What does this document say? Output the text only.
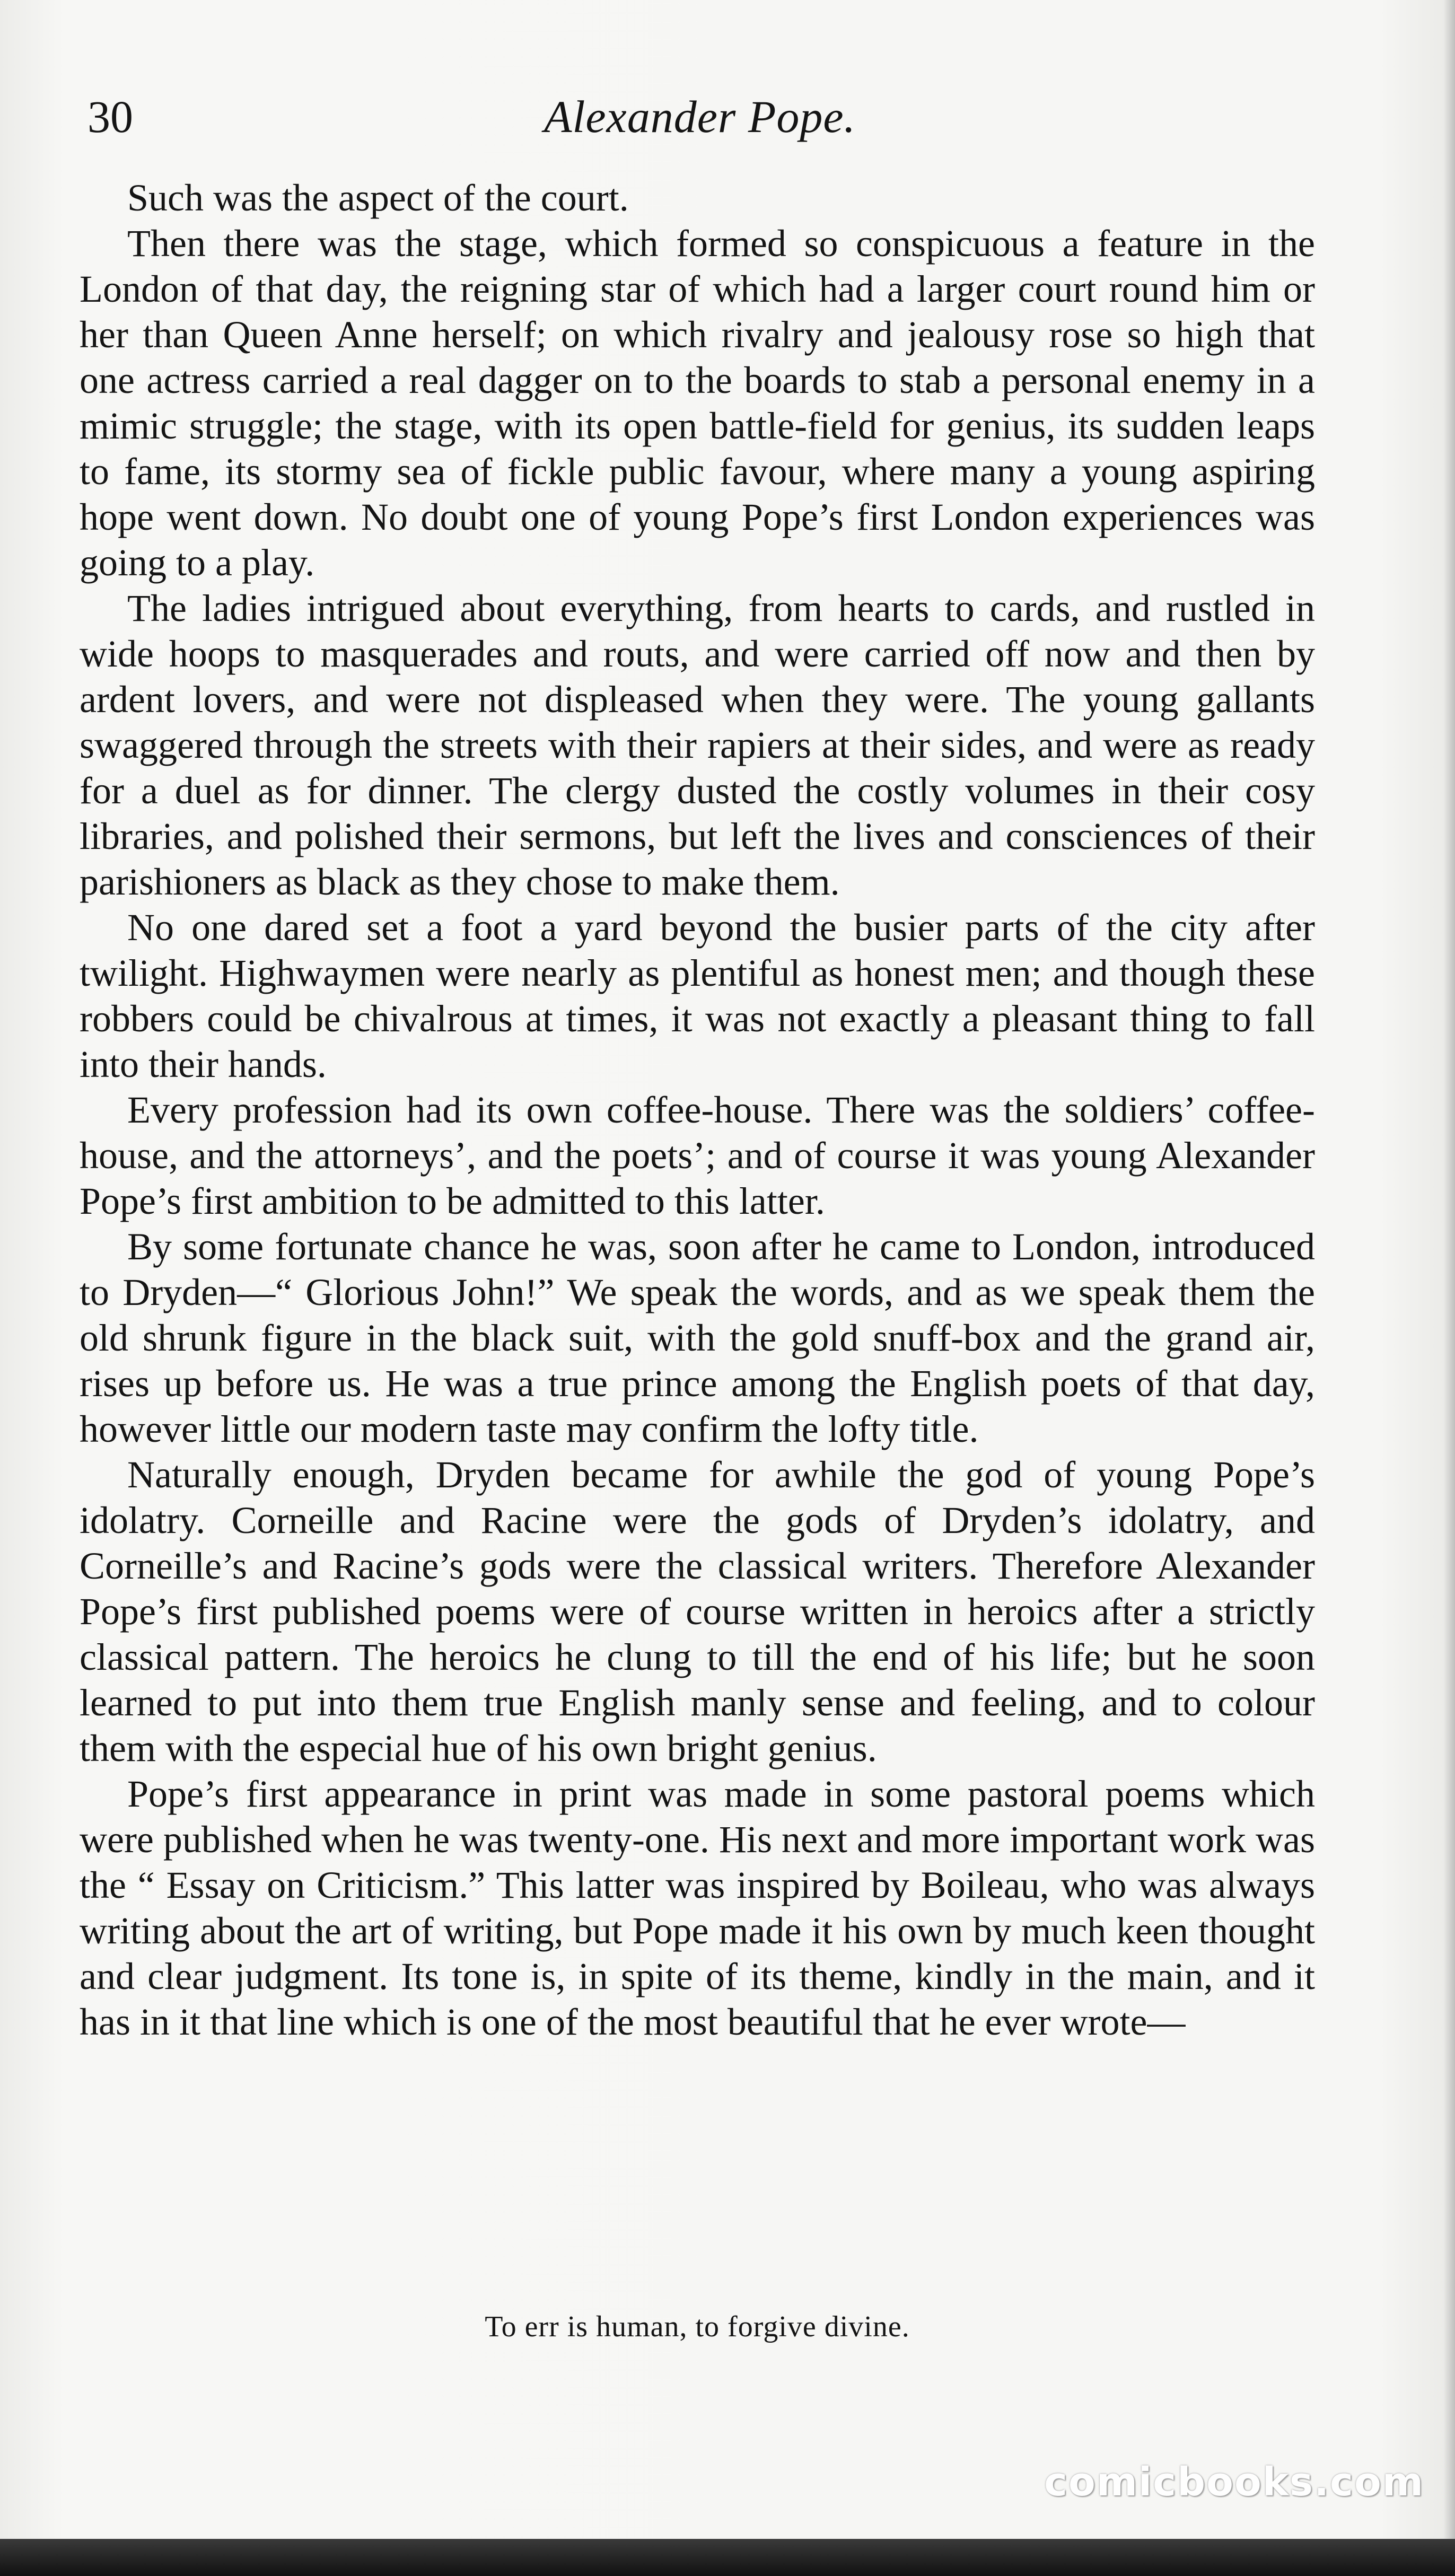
30	Alexander Pope.

Such was the aspect of the court.

Then there was the stage, which formed so conspicuous a feature in the London of that day, the reigning star of which had a larger court round him or her than Queen Anne herself; on which rivalry and jealousy rose so high that one actress carried a real dagger on to the boards to stab a personal enemy in a mimic struggle; the stage, with its open battle-field for genius, its sudden leaps to fame, its stormy sea of fickle public favour, where many a young aspiring hope went down. No doubt one of young Pope’s first London experiences was going to a play.

The ladies intrigued about everything, from hearts to cards, and rustled in wide hoops to masquerades and routs, and were carried off now and then by ardent lovers, and were not displeased when they were. The young gallants swaggered through the streets with their rapiers at their sides, and were as ready for a duel as for dinner. The clergy dusted the costly volumes in their cosy libraries, and polished their sermons, but left the lives and consciences of their parishioners as black as they chose to make them.

No one dared set a foot a yard beyond the busier parts of the city after twilight. Highwaymen were nearly as plentiful as honest men; and though these robbers could be chivalrous at times, it was not exactly a pleasant thing to fall into their hands.

Every profession had its own coffee-house. There was the soldiers’ coffee-house, and the attorneys’, and the poets’; and of course it was young Alexander Pope’s first ambition to be admitted to this latter.

By some fortunate chance he was, soon after he came to London, introduced to Dryden—“ Glorious John!” We speak the words, and as we speak them the old shrunk figure in the black suit, with the gold snuff-box and the grand air, rises up before us. He was a true prince among the English poets of that day, however little our modern taste may confirm the lofty title.

Naturally enough, Dryden became for awhile the god of young Pope’s idolatry. Corneille and Racine were the gods of Dryden’s idolatry, and Corneille’s and Racine’s gods were the classical writers. Therefore Alexander Pope’s first published poems were of course written in heroics after a strictly classical pattern. The heroics he clung to till the end of his life; but he soon learned to put into them true English manly sense and feeling, and to colour them with the especial hue of his own bright genius.

Pope’s first appearance in print was made in some pastoral poems which were published when he was twenty-one. His next and more important work was the “ Essay on Criticism.” This latter was inspired by Boileau, who was always writing about the art of writing, but Pope made it his own by much keen thought and clear judgment. Its tone is, in spite of its theme, kindly in the main, and it has in it that line which is one of the most beautiful that he ever wrote—

To err is human, to forgive divine.
comicbooks.com
